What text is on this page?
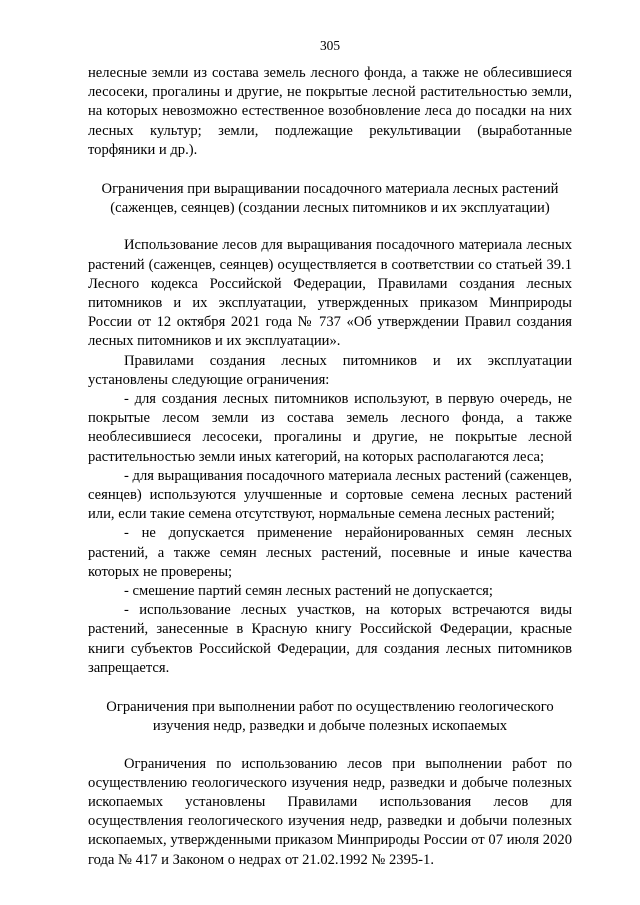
305

нелесные земли из состава земель лесного фонда, а также не облесившиеся лесосеки, прогалины и другие, не покрытые лесной растительностью земли, на которых невозможно естественное возобновление леса до посадки на них лесных культур; земли, подлежащие рекультивации (выработанные торфяники и др.).

Ограничения при выращивании посадочного материала лесных растений (саженцев, сеянцев) (создании лесных питомников и их эксплуатации)

Использование лесов для выращивания посадочного материала лесных растений (саженцев, сеянцев) осуществляется в соответствии со статьей 39.1 Лесного кодекса Российской Федерации, Правилами создания лесных питомников и их эксплуатации, утвержденных приказом Минприроды России от 12 октября 2021 года № 737 «Об утверждении Правил создания лесных питомников и их эксплуатации».

Правилами создания лесных питомников и их эксплуатации установлены следующие ограничения:

- для создания лесных питомников используют, в первую очередь, не покрытые лесом земли из состава земель лесного фонда, а также необлесившиеся лесосеки, прогалины и другие, не покрытые лесной растительностью земли иных категорий, на которых располагаются леса;

- для выращивания посадочного материала лесных растений (саженцев, сеянцев) используются улучшенные и сортовые семена лесных растений или, если такие семена отсутствуют, нормальные семена лесных растений;

- не допускается применение нерайонированных семян лесных растений, а также семян лесных растений, посевные и иные качества которых не проверены;

- смешение партий семян лесных растений не допускается;

- использование лесных участков, на которых встречаются виды растений, занесенные в Красную книгу Российской Федерации, красные книги субъектов Российской Федерации, для создания лесных питомников запрещается.

Ограничения при выполнении работ по осуществлению геологического изучения недр, разведки и добыче полезных ископаемых

Ограничения по использованию лесов при выполнении работ по осуществлению геологического изучения недр, разведки и добыче полезных ископаемых установлены Правилами использования лесов для осуществления геологического изучения недр, разведки и добычи полезных ископаемых, утвержденными приказом Минприроды России от 07 июля 2020 года № 417 и Законом о недрах от 21.02.1992 № 2395-1.
